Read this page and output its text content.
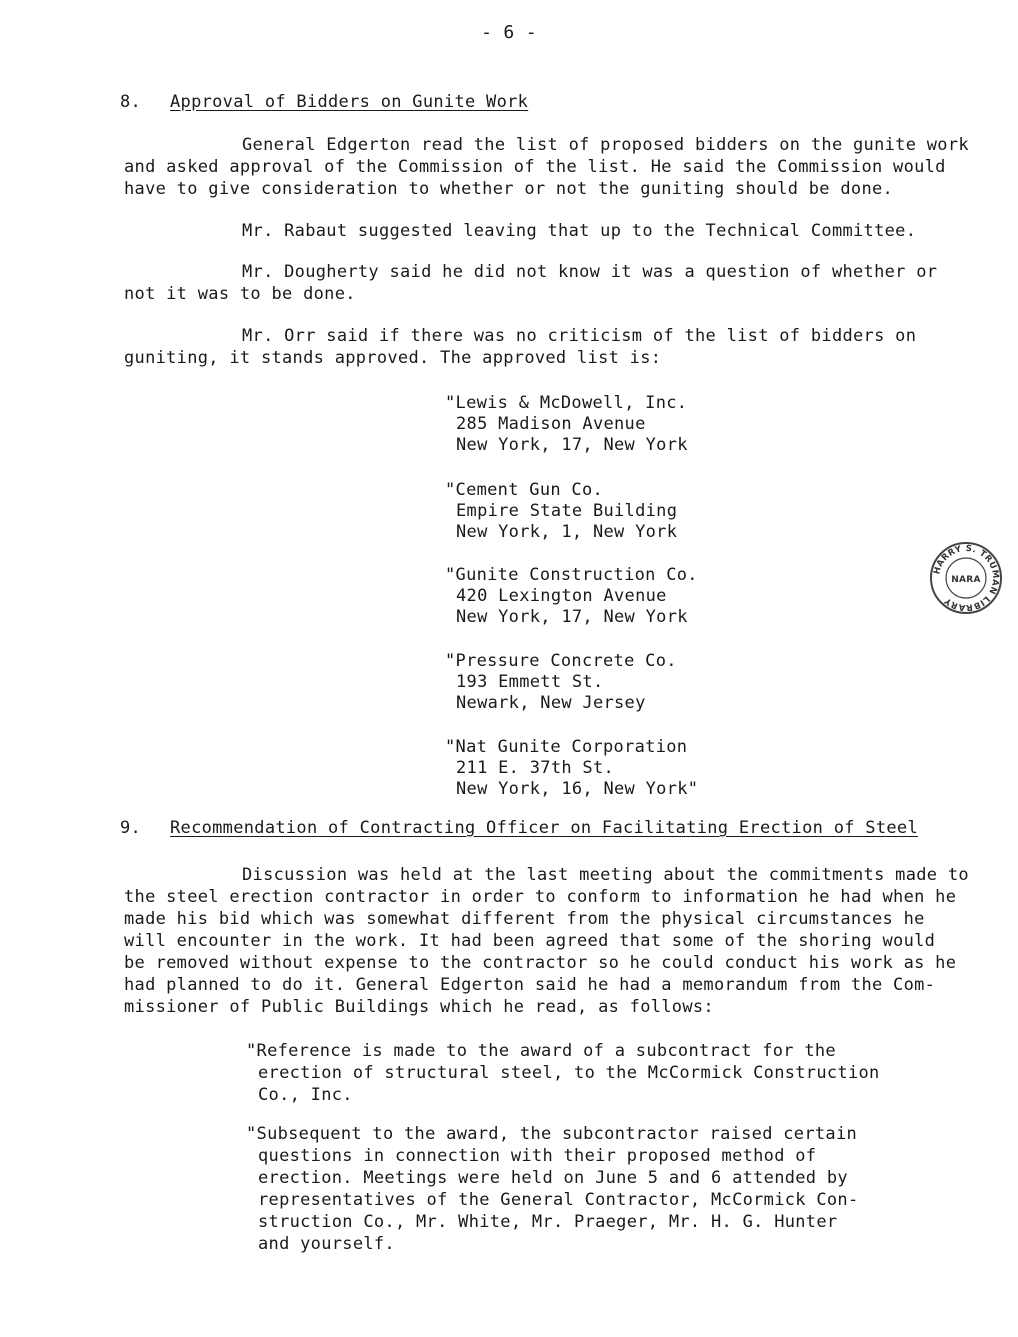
- 6 -
8. Approval of Bidders on Gunite Work
General Edgerton read the list of proposed bidders on the gunite work
and asked approval of the Commission of the list. He said the Commission would
have to give consideration to whether or not the guniting should be done.
Mr. Rabaut suggested leaving that up to the Technical Committee.
Mr. Dougherty said he did not know it was a question of whether or
not it was to be done.
Mr. Orr said if there was no criticism of the list of bidders on
guniting, it stands approved. The approved list is:
"Lewis & McDowell, Inc.
285 Madison Avenue
New York, 17, New York
"Cement Gun Co.
Empire State Building
New York, 1, New York
"Gunite Construction Co.
420 Lexington Avenue
New York, 17, New York
"Pressure Concrete Co.
193 Emmett St.
Newark, New Jersey
"Nat Gunite Corporation
211 E. 37th St.
New York, 16, New York"
9. Recommendation of Contracting Officer on Facilitating Erection of Steel
Discussion was held at the last meeting about the commitments made to
the steel erection contractor in order to conform to information he had when he
made his bid which was somewhat different from the physical circumstances he
will encounter in the work. It had been agreed that some of the shoring would
be removed without expense to the contractor so he could conduct his work as he
had planned to do it. General Edgerton said he had a memorandum from the Com-
missioner of Public Buildings which he read, as follows:
"Reference is made to the award of a subcontract for the
erection of structural steel, to the McCormick Construction
Co., Inc.
"Subsequent to the award, the subcontractor raised certain
questions in connection with their proposed method of
erection. Meetings were held on June 5 and 6 attended by
representatives of the General Contractor, McCormick Con-
struction Co., Mr. White, Mr. Praeger, Mr. H. G. Hunter
and yourself.
HARRY S. TRUMAN LIBRARY
NARA
